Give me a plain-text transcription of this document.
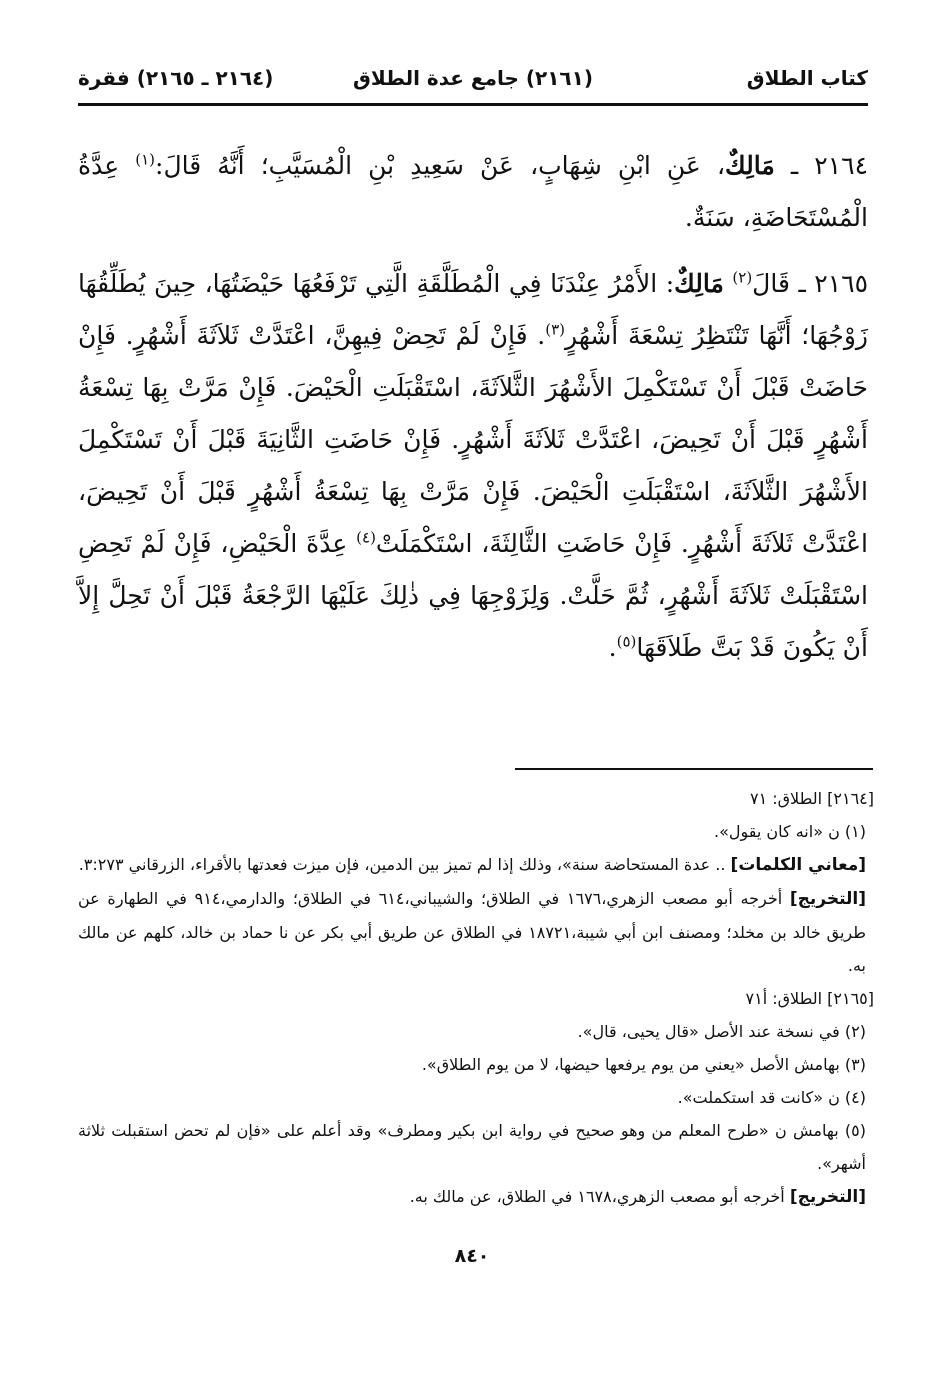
كتاب الطلاق
(٢١٦١) جامع عدة الطلاق
(٢١٦٤ ـ ٢١٦٥) فقرة

٢١٦٤ ـ مَالِكٌ، عَنِ ابْنِ شِهَابٍ، عَنْ سَعِيدِ بْنِ الْمُسَيَّبِ؛ أَنَّهُ قَالَ:$^{(١)}$ عِدَّةُ الْمُسْتَحَاضَةِ، سَنَةٌ.

٢١٦٥ ـ قَالَ$^{(٢)}$ مَالِكٌ: الأَمْرُ عِنْدَنَا فِي الْمُطَلَّقَةِ الَّتِي تَرْفَعُهَا حَيْضَتُهَا، حِينَ يُطَلِّقُهَا زَوْجُهَا؛ أَنَّهَا تَنْتَظِرُ تِسْعَةَ أَشْهُرٍ$^{(٣)}$. فَإِنْ لَمْ تَحِضْ فِيهِنَّ، اعْتَدَّتْ ثَلاَثَةَ أَشْهُرٍ. فَإِنْ حَاضَتْ قَبْلَ أَنْ تَسْتَكْمِلَ الأَشْهُرَ الثَّلاَثَةَ، اسْتَقْبَلَتِ الْحَيْضَ. فَإِنْ مَرَّتْ بِهَا تِسْعَةُ أَشْهُرٍ قَبْلَ أَنْ تَحِيضَ، اعْتَدَّتْ ثَلاَثَةَ أَشْهُرٍ. فَإِنْ حَاضَتِ الثَّانِيَةَ قَبْلَ أَنْ تَسْتَكْمِلَ الأَشْهُرَ الثَّلاَثَةَ، اسْتَقْبَلَتِ الْحَيْضَ. فَإِنْ مَرَّتْ بِهَا تِسْعَةُ أَشْهُرٍ قَبْلَ أَنْ تَحِيضَ، اعْتَدَّتْ ثَلاَثَةَ أَشْهُرٍ. فَإِنْ حَاضَتِ الثَّالِثَةَ، اسْتَكْمَلَتْ$^{(٤)}$ عِدَّةَ الْحَيْضِ، فَإِنْ لَمْ تَحِضِ اسْتَقْبَلَتْ ثَلاَثَةَ أَشْهُرٍ، ثُمَّ حَلَّتْ. وَلِزَوْجِهَا فِي ذٰلِكَ عَلَيْهَا الرَّجْعَةُ قَبْلَ أَنْ تَحِلَّ إِلاَّ أَنْ يَكُونَ قَدْ بَتَّ طَلاَقَهَا$^{(٥)}$.

[٢١٦٤] الطلاق: ٧١

(١) ن «انه كان يقول».

[معاني الكلمات] .. عدة المستحاضة سنة»، وذلك إذا لم تميز بين الدمين، فإن ميزت فعدتها بالأقراء، الزرقاني ٣:٢٧٣.

[التخريج] أخرجه أبو مصعب الزهري،١٦٧٦ في الطلاق؛ والشيباني،٦١٤ في الطلاق؛ والدارمي،٩١٤ في الطهارة عن طريق خالد بن مخلد؛ ومصنف ابن أبي شيبة،١٨٧٢١ في الطلاق عن طريق أبي بكر عن نا حماد بن خالد، كلهم عن مالك به.

[٢١٦٥] الطلاق: أ٧١

(٢) في نسخة عند الأصل «قال يحيى، قال».

(٣) بهامش الأصل «يعني من يوم يرفعها حيضها، لا من يوم الطلاق».

(٤) ن «كانت قد استكملت».

(٥) بهامش ن «طرح المعلم من وهو صحيح في رواية ابن بكير ومطرف» وقد أعلم على «فإن لم تحض استقبلت ثلاثة أشهر».

[التخريج] أخرجه أبو مصعب الزهري،١٦٧٨ في الطلاق، عن مالك به.

٨٤٠
